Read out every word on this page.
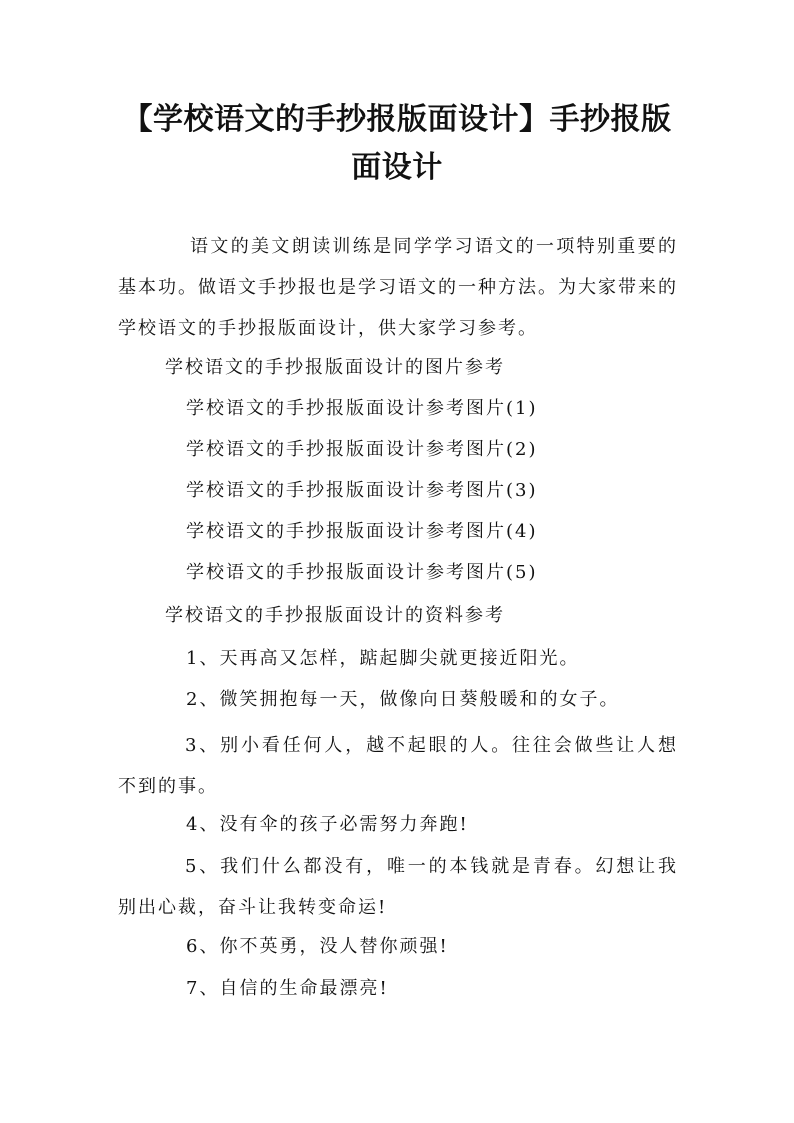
【学校语文的手抄报版面设计】手抄报版面设计

语文的美文朗读训练是同学学习语文的一项特别重要的基本功。做语文手抄报也是学习语文的一种方法。为大家带来的学校语文的手抄报版面设计，供大家学习参考。

学校语文的手抄报版面设计的图片参考

学校语文的手抄报版面设计参考图片(1)

学校语文的手抄报版面设计参考图片(2)

学校语文的手抄报版面设计参考图片(3)

学校语文的手抄报版面设计参考图片(4)

学校语文的手抄报版面设计参考图片(5)

学校语文的手抄报版面设计的资料参考

1、天再高又怎样，踮起脚尖就更接近阳光。

2、微笑拥抱每一天，做像向日葵般暖和的女子。

3、别小看任何人，越不起眼的人。往往会做些让人想不到的事。

4、没有伞的孩子必需努力奔跑!

5、我们什么都没有，唯一的本钱就是青春。幻想让我别出心裁，奋斗让我转变命运!

6、你不英勇，没人替你顽强!

7、自信的生命最漂亮!
